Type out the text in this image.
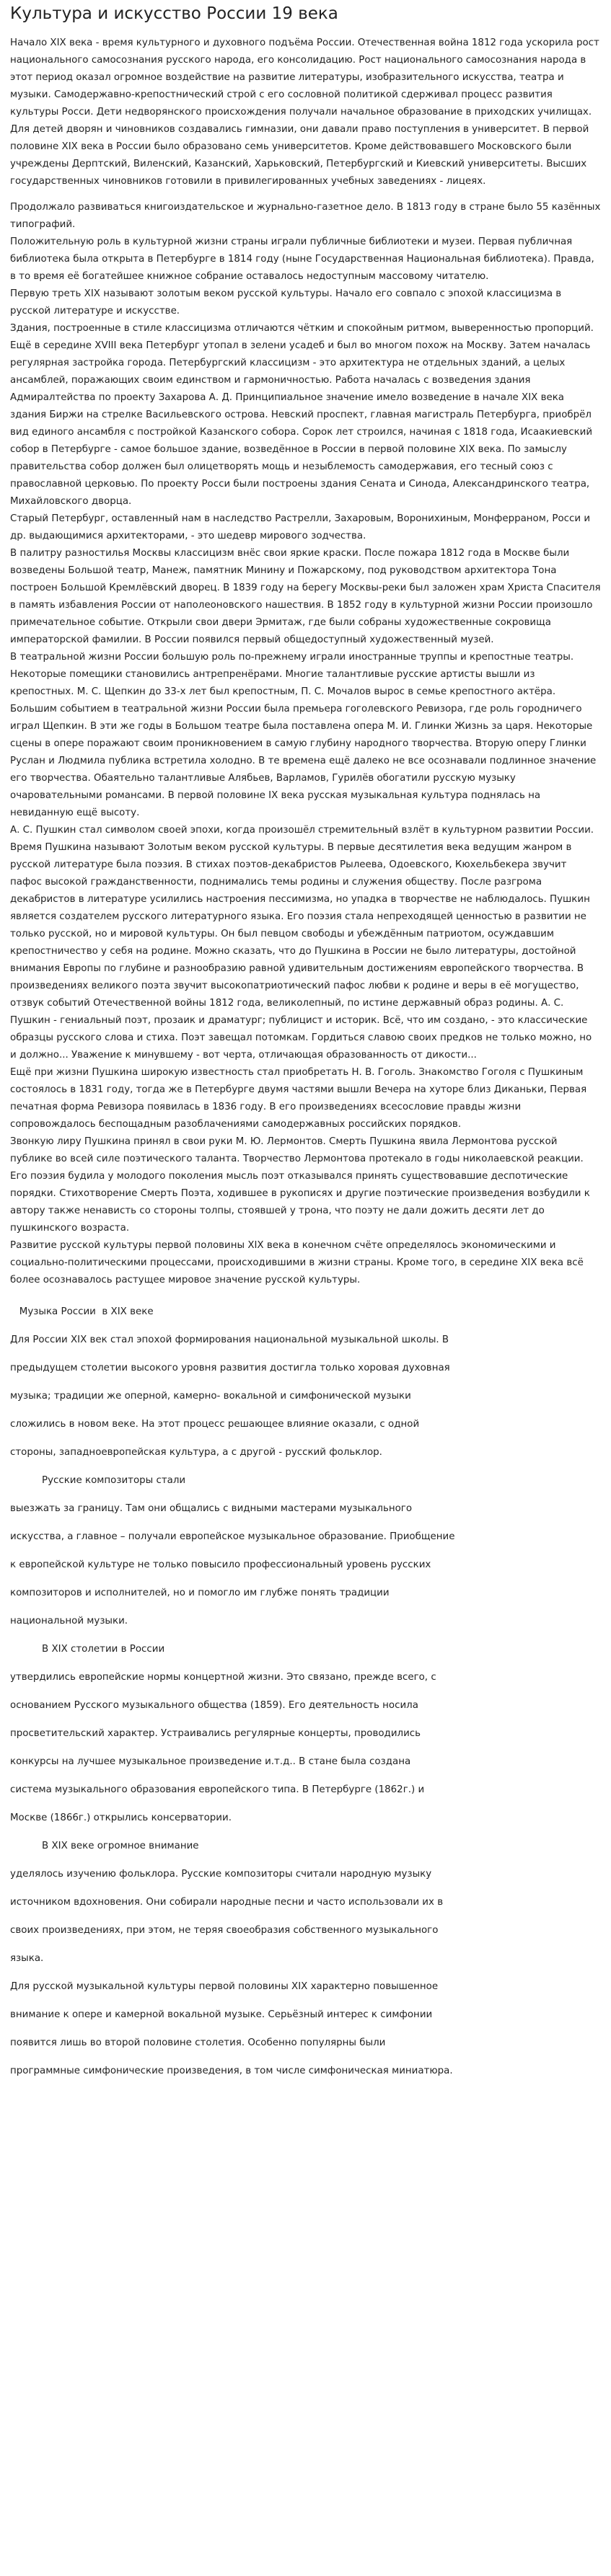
Культура и искусство России 19 века

Начало XIX века - время культурного и духовного подъёма России. Отечественная война 1812 года ускорила рост национального самосознания русского народа, его консолидацию. Рост национального самосознания народа в этот период оказал огромное воздействие на развитие литературы, изобразительного искусства, театра и музыки. Самодержавно-крепостнический строй с его сословной политикой сдерживал процесс развития культуры Росси. Дети недворянского происхождения получали начальное образование в приходских училищах. Для детей дворян и чиновников создавались гимназии, они давали право поступления в университет. В первой половине XIX века в России было образовано семь университетов. Кроме действовавшего Московского были учреждены Дерптский, Виленский, Казанский, Харьковский, Петербургский и Киевский университеты. Высших государственных чиновников готовили в привилегированных учебных заведениях - лицеях.

Продолжало развиваться книгоиздательское и журнально-газетное дело. В 1813 году в стране было 55 казённых типографий.

Положительную роль в культурной жизни страны играли публичные библиотеки и музеи. Первая публичная библиотека была открыта в Петербурге в 1814 году (ныне Государственная Национальная библиотека). Правда, в то время её богатейшее книжное собрание оставалось недоступным массовому читателю.

Первую треть XIX называют золотым веком русской культуры. Начало его совпало с эпохой классицизма в русской литературе и искусстве.

Здания, построенные в стиле классицизма отличаются чётким и спокойным ритмом, выверенностью пропорций. Ещё в середине XVIII века Петербург утопал в зелени усадеб и был во многом похож на Москву. Затем началась регулярная застройка города. Петербургский классицизм - это архитектура не отдельных зданий, а целых ансамблей, поражающих своим единством и гармоничностью. Работа началась с возведения здания Адмиралтейства по проекту Захарова А. Д. Принципиальное значение имело возведение в начале XIX века здания Биржи на стрелке Васильевского острова. Невский проспект, главная магистраль Петербурга, приобрёл вид единого ансамбля с постройкой Казанского собора. Сорок лет строился, начиная с 1818 года, Исаакиевский собор в Петербурге - самое большое здание, возведённое в России в первой половине XIX века. По замыслу правительства собор должен был олицетворять мощь и незыблемость самодержавия, его тесный союз с православной церковью. По проекту Росси были построены здания Сената и Синода, Александринского театра, Михайловского дворца.

Старый Петербург, оставленный нам в наследство Растрелли, Захаровым, Воронихиным, Монферраном, Росси и др. выдающимися архитекторами, - это шедевр мирового зодчества.

В палитру разностилья Москвы классицизм внёс свои яркие краски. После пожара 1812 года в Москве были возведены Большой театр, Манеж, памятник Минину и Пожарскому, под руководством архитектора Тона построен Большой Кремлёвский дворец. В 1839 году на берегу Москвы-реки был заложен храм Христа Спасителя в память избавления России от наполеоновского нашествия. В 1852 году в культурной жизни России произошло примечательное событие. Открыли свои двери Эрмитаж, где были собраны художественные сокровища императорской фамилии. В России появился первый общедоступный художественный музей.

В театральной жизни России большую роль по-прежнему играли иностранные труппы и крепостные театры. Некоторые помещики становились антрепренёрами. Многие талантливые русские артисты вышли из крепостных. М. С. Щепкин до 33-х лет был крепостным, П. С. Мочалов вырос в семье крепостного актёра. Большим событием в театральной жизни России была премьера гоголевского Ревизора, где роль городничего играл Щепкин. В эти же годы в Большом театре была поставлена опера М. И. Глинки Жизнь за царя. Некоторые сцены в опере поражают своим проникновением в самую глубину народного творчества. Вторую оперу Глинки Руслан и Людмила публика встретила холодно. В те времена ещё далеко не все осознавали подлинное значение его творчества. Обаятельно талантливые Алябьев, Варламов, Гурилёв обогатили русскую музыку очаровательными романсами. В первой половине IX века русская музыкальная культура поднялась на невиданную ещё высоту.

А. С. Пушкин стал символом своей эпохи, когда произошёл стремительный взлёт в культурном развитии России. Время Пушкина называют Золотым веком русской культуры. В первые десятилетия века ведущим жанром в русской литературе была поэзия. В стихах поэтов-декабристов Рылеева, Одоевского, Кюхельбекера звучит пафос высокой гражданственности, поднимались темы родины и служения обществу. После разгрома декабристов в литературе усилились настроения пессимизма, но упадка в творчестве не наблюдалось. Пушкин является создателем русского литературного языка. Его поэзия стала непреходящей ценностью в развитии не только русской, но и мировой культуры. Он был певцом свободы и убеждённым патриотом, осуждавшим крепостничество у себя на родине. Можно сказать, что до Пушкина в России не было литературы, достойной внимания Европы по глубине и разнообразию равной удивительным достижениям европейского творчества. В произведениях великого поэта звучит высокопатриотический пафос любви к родине и веры в её могущество, отзвук событий Отечественной войны 1812 года, великолепный, по истине державный образ родины. А. С. Пушкин - гениальный поэт, прозаик и драматург; публицист и историк. Всё, что им создано, - это классические образцы русского слова и стиха. Поэт завещал потомкам. Гордиться славою своих предков не только можно, но и должно... Уважение к минувшему - вот черта, отличающая образованность от дикости...

Ещё при жизни Пушкина широкую известность стал приобретать Н. В. Гоголь. Знакомство Гоголя с Пушкиным состоялось в 1831 году, тогда же в Петербурге двумя частями вышли Вечера на хуторе близ Диканьки, Первая печатная форма Ревизора появилась в 1836 году. В его произведениях всесословие правды жизни сопровождалось беспощадным разоблачениями самодержавных российских порядков.

Звонкую лиру Пушкина принял в свои руки М. Ю. Лермонтов. Смерть Пушкина явила Лермонтова русской публике во всей силе поэтического таланта. Творчество Лермонтова протекало в годы николаевской реакции. Его поэзия будила у молодого поколения мысль поэт отказывался принять существовавшие деспотические порядки. Стихотворение Смерть Поэта, ходившее в рукописях и другие поэтические произведения возбудили к автору также ненависть со стороны толпы, стоявшей у трона, что поэту не дали дожить десяти лет до пушкинского возраста.

Развитие русской культуры первой половины XIX века в конечном счёте определялось экономическими и социально-политическими процессами, происходившими в жизни страны. Кроме того, в середине XIX века всё более осознавалось растущее мировое значение русской культуры.

Музыка России  в XIX веке

Для России XIX век стал эпохой формирования национальной музыкальной школы. В
предыдущем столетии высокого уровня развития достигла только хоровая духовная
музыка; традиции же оперной, камерно- вокальной и симфонической музыки
сложились в новом веке. На этот процесс решающее влияние оказали, с одной
стороны, западноевропейская культура, а с другой - русский фольклор.

Русские композиторы стали

выезжать за границу. Там они общались с видными мастерами музыкального
искусства, а главное – получали европейское музыкальное образование. Приобщение
к европейской культуре не только повысило профессиональный уровень русских
композиторов и исполнителей, но и помогло им глубже понять традиции
национальной музыки.

В XIX столетии в России

утвердились европейские нормы концертной жизни. Это связано, прежде всего, с
основанием Русского музыкального общества (1859). Его деятельность носила
просветительский характер. Устраивались регулярные концерты, проводились
конкурсы на лучшее музыкальное произведение и.т.д.. В стане была создана
система музыкального образования европейского типа. В Петербурге (1862г.) и
Москве (1866г.) открылись консерватории.

В XIX веке огромное внимание

уделялось изучению фольклора. Русские композиторы считали народную музыку
источником вдохновения. Они собирали народные песни и часто использовали их в
своих произведениях, при этом, не теряя своеобразия собственного музыкального
языка.

Для русской музыкальной культуры первой половины XIX характерно повышенное
внимание к опере и камерной вокальной музыке. Серьёзный интерес к симфонии
появится лишь во второй половине столетия. Особенно популярны были
программные симфонические произведения, в том числе симфоническая миниатюра.
